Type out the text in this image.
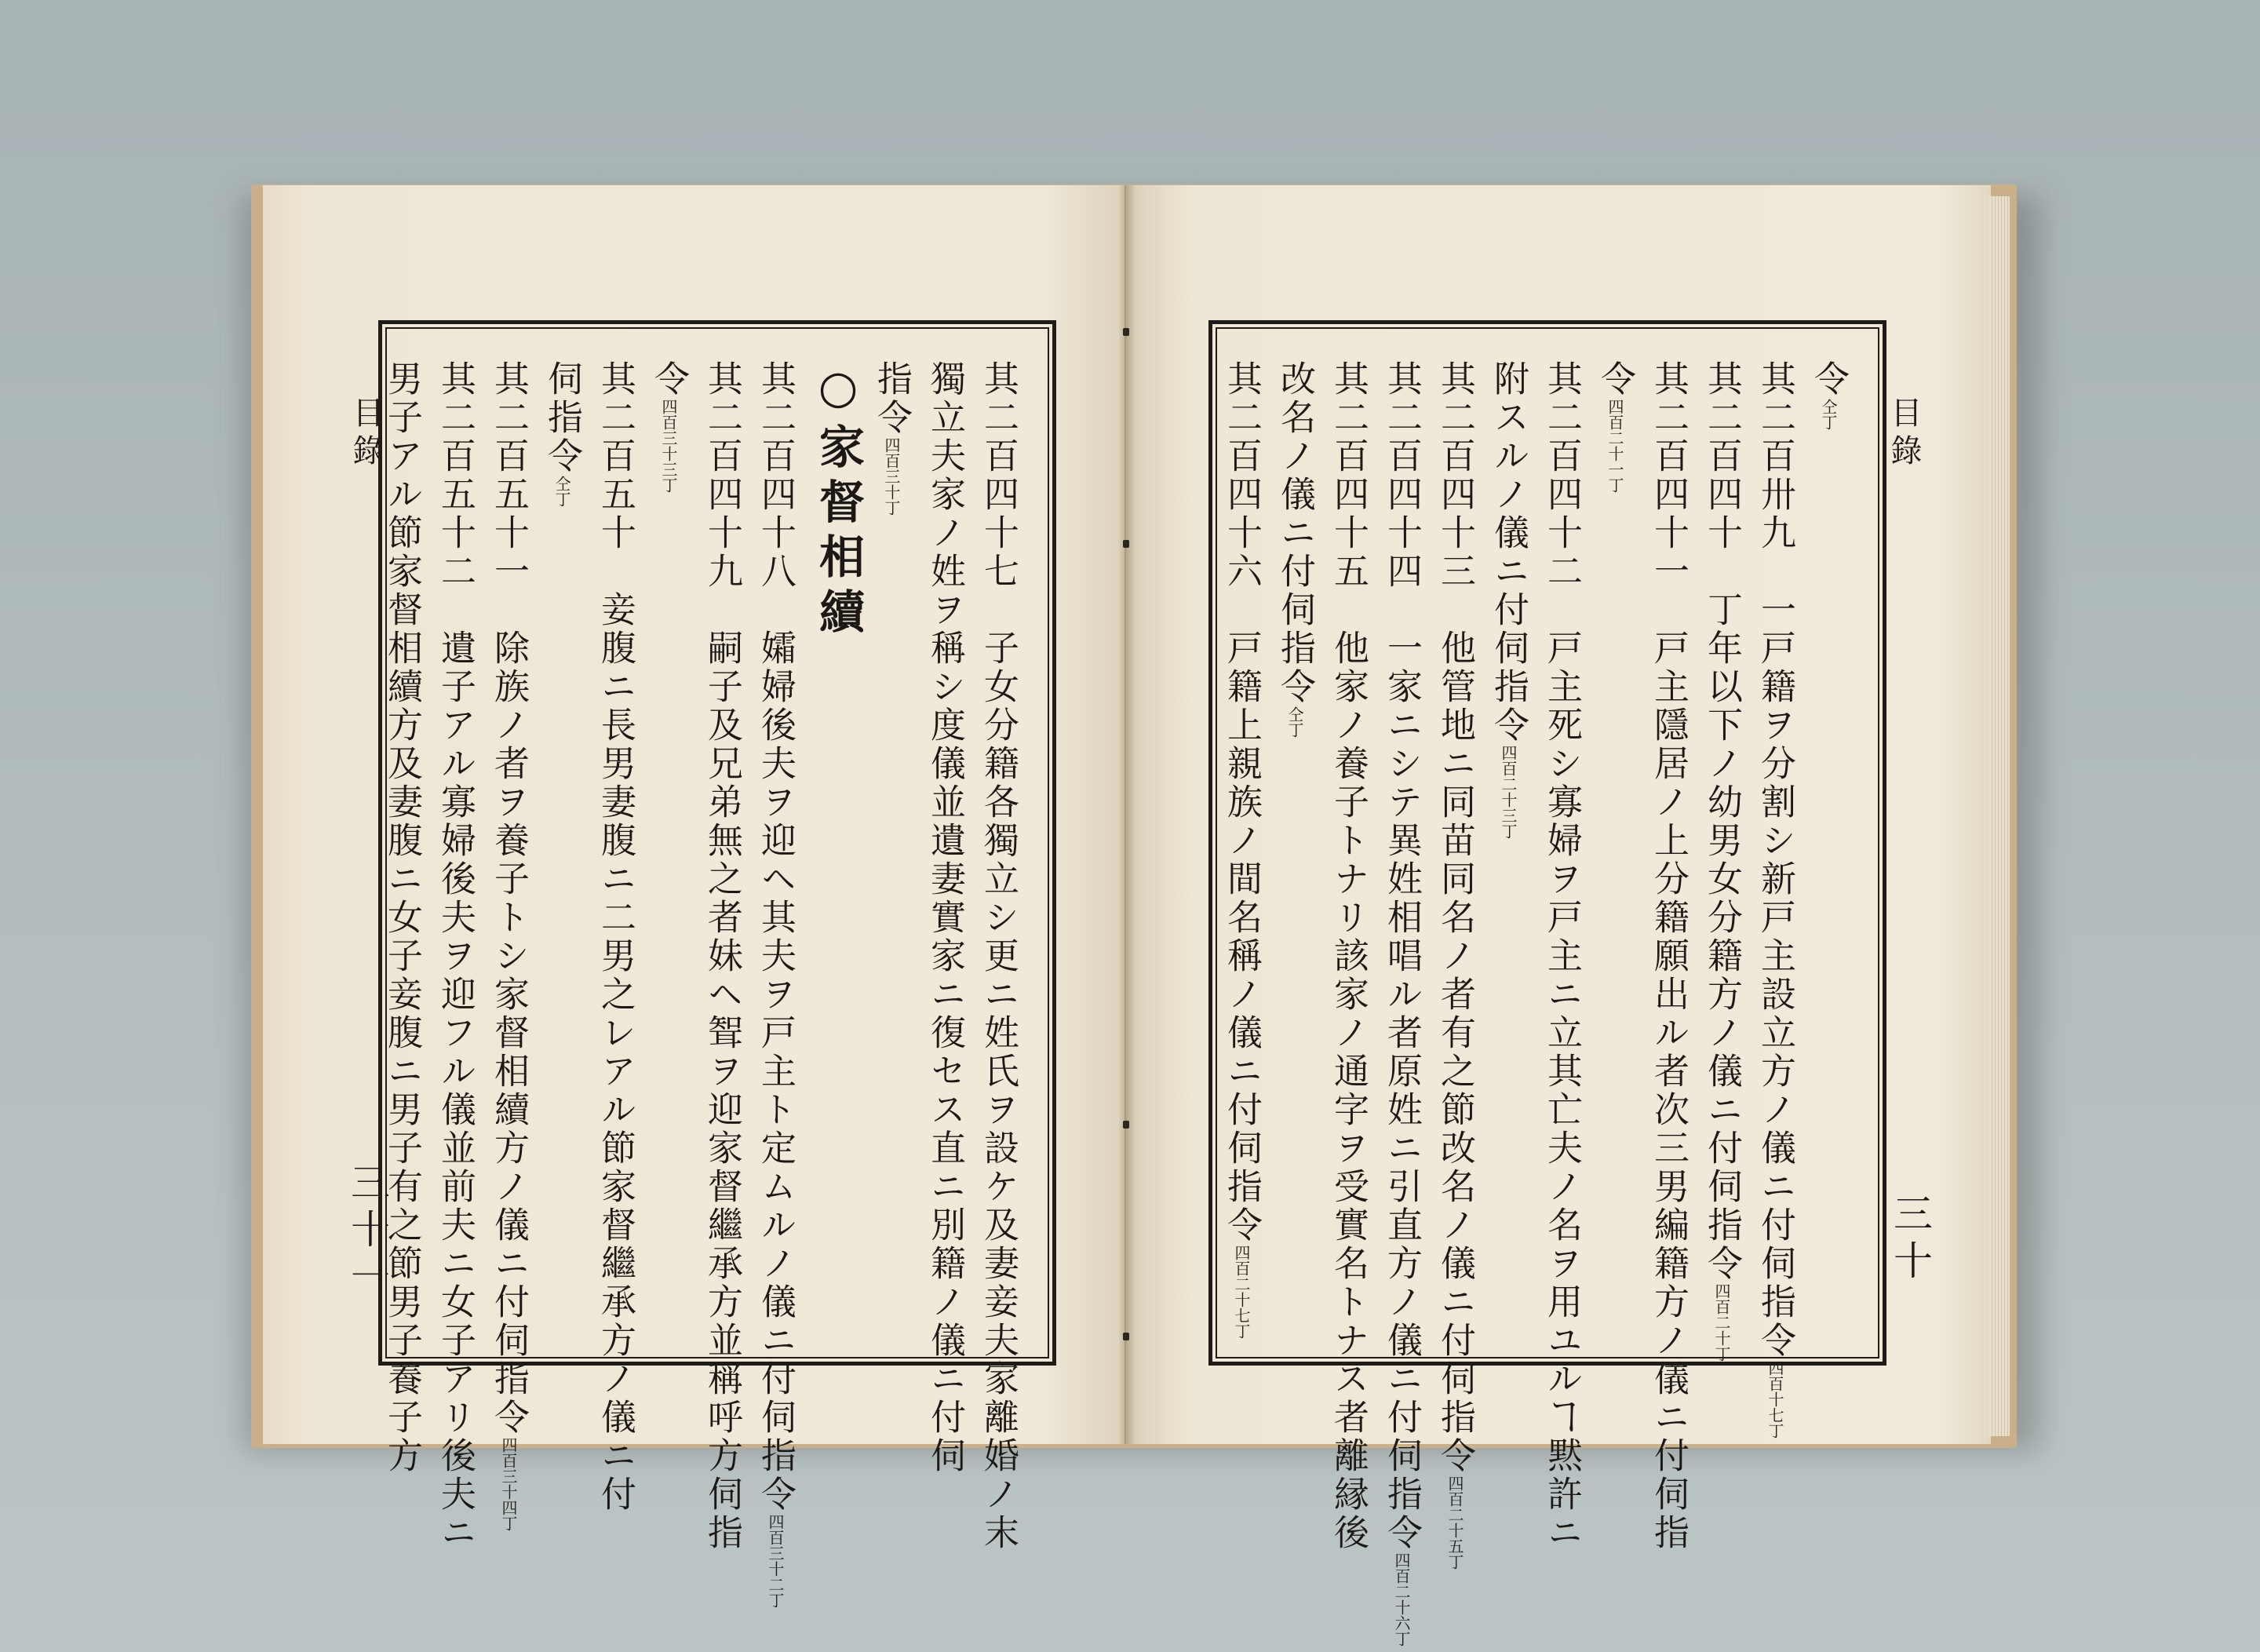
目錄
三十一	其二百四十七　子女分籍各獨立シ更ニ姓氏ヲ設ケ及妻妾夫家離婚ノ末
獨立夫家ノ姓ヲ稱シ度儀並遺妻實家ニ復セス直ニ別籍ノ儀ニ付伺
指令四百三十丁
○家督相續
其二百四十八　孀婦後夫ヲ迎ヘ其夫ヲ戸主ト定ムルノ儀ニ付伺指令四百三十二丁
其二百四十九　嗣子及兄弟無之者妹ヘ聟ヲ迎家督繼承方並稱呼方伺指
令四百三十三丁
其二百五十　妾腹ニ長男妻腹ニ二男之レアル節家督繼承方ノ儀ニ付
伺指令仝丁
其二百五十一　除族ノ者ヲ養子トシ家督相續方ノ儀ニ付伺指令四百三十四丁
其二百五十二　遺子アル寡婦後夫ヲ迎フル儀並前夫ニ女子アリ後夫ニ
男子アル節家督相續方及妻腹ニ女子妾腹ニ男子有之節男子養子方	目錄
三十
令仝丁
其二百卅九　一戸籍ヲ分割シ新戸主設立方ノ儀ニ付伺指令四百十七丁
其二百四十　丁年以下ノ幼男女分籍方ノ儀ニ付伺指令四百二十丁
其二百四十一　戸主隱居ノ上分籍願出ル者次三男編籍方ノ儀ニ付伺指
令四百二十一丁
其二百四十二　戸主死シ寡婦ヲ戸主ニ立其亡夫ノ名ヲ用ユルヿ黙許ニ
附スルノ儀ニ付伺指令四百二十三丁
其二百四十三　他管地ニ同苗同名ノ者有之節改名ノ儀ニ付伺指令四百二十五丁
其二百四十四　一家ニシテ異姓相唱ル者原姓ニ引直方ノ儀ニ付伺指令四百二十六丁
其二百四十五　他家ノ養子トナリ該家ノ通字ヲ受實名トナス者離縁後
改名ノ儀ニ付伺指令仝丁
其二百四十六　戸籍上親族ノ間名稱ノ儀ニ付伺指令四百二十七丁
